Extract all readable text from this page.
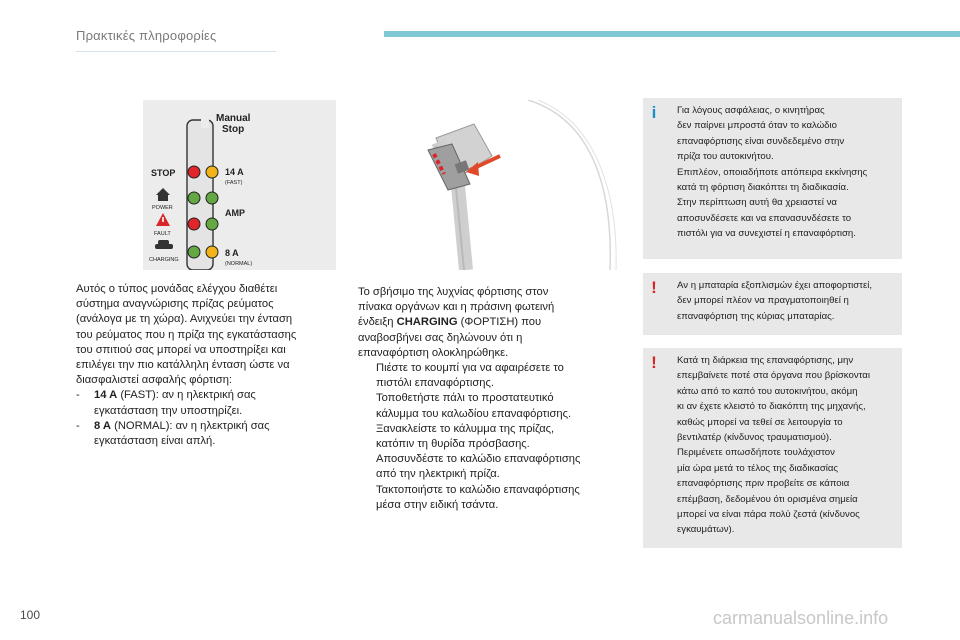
Πρακτικές πληροφορίες
Manual
Stop
STOP
POWER
FAULT
CHARGING
14 A
(FAST)
AMP
8 A
(NORMAL)
Αυτός ο τύπος μονάδας ελέγχου διαθέτει
σύστημα αναγνώρισης πρίζας ρεύματος
(ανάλογα με τη χώρα). Ανιχνεύει την ένταση
του ρεύματος που η πρίζα της εγκατάστασης
του σπιτιού σας μπορεί να υποστηρίξει και
επιλέγει την πιο κατάλληλη ένταση ώστε να
διασφαλιστεί ασφαλής φόρτιση:
- 14 A (FAST): αν η ηλεκτρική σας
εγκατάσταση την υποστηρίζει.
- 8 A (NORMAL): αν η ηλεκτρική σας
εγκατάσταση είναι απλή.
Το σβήσιμο της λυχνίας φόρτισης στον
πίνακα οργάνων και η πράσινη φωτεινή
ένδειξη CHARGING (ΦΟΡΤΙΣΗ) που
αναβοσβήνει σας δηλώνουν ότι η
επαναφόρτιση ολοκληρώθηκε.
Πιέστε το κουμπί για να αφαιρέσετε το
πιστόλι επαναφόρτισης.
Τοποθετήστε πάλι το προστατευτικό
κάλυμμα του καλωδίου επαναφόρτισης.
Ξανακλείστε το κάλυμμα της πρίζας,
κατόπιν τη θυρίδα πρόσβασης.
Αποσυνδέστε το καλώδιο επαναφόρτισης
από την ηλεκτρική πρίζα.
Τακτοποιήστε το καλώδιο επαναφόρτισης
μέσα στην ειδική τσάντα.
i	Για λόγους ασφάλειας, ο κινητήρας
δεν παίρνει μπροστά όταν το καλώδιο
επαναφόρτισης είναι συνδεδεμένο στην
πρίζα του αυτοκινήτου.
Επιπλέον, οποιαδήποτε απόπειρα εκκίνησης
κατά τη φόρτιση διακόπτει τη διαδικασία.
Στην περίπτωση αυτή θα χρειαστεί να
αποσυνδέσετε και να επανασυνδέσετε το
πιστόλι για να συνεχιστεί η επαναφόρτιση.
!	Αν η μπαταρία εξοπλισμών έχει αποφορτιστεί,
δεν μπορεί πλέον να πραγματοποιηθεί η
επαναφόρτιση της κύριας μπαταρίας.
!	Κατά τη διάρκεια της επαναφόρτισης, μην
επεμβαίνετε ποτέ στα όργανα που βρίσκονται
κάτω από το καπό του αυτοκινήτου, ακόμη
κι αν έχετε κλειστό το διακόπτη της μηχανής,
καθώς μπορεί να τεθεί σε λειτουργία το
βεντιλατέρ (κίνδυνος τραυματισμού).
Περιμένετε οπωσδήποτε τουλάχιστον
μία ώρα μετά το τέλος της διαδικασίας
επαναφόρτισης πριν προβείτε σε κάποια
επέμβαση, δεδομένου ότι ορισμένα σημεία
μπορεί να είναι πάρα πολύ ζεστά (κίνδυνος
εγκαυμάτων).
100	carmanualsonline.info
